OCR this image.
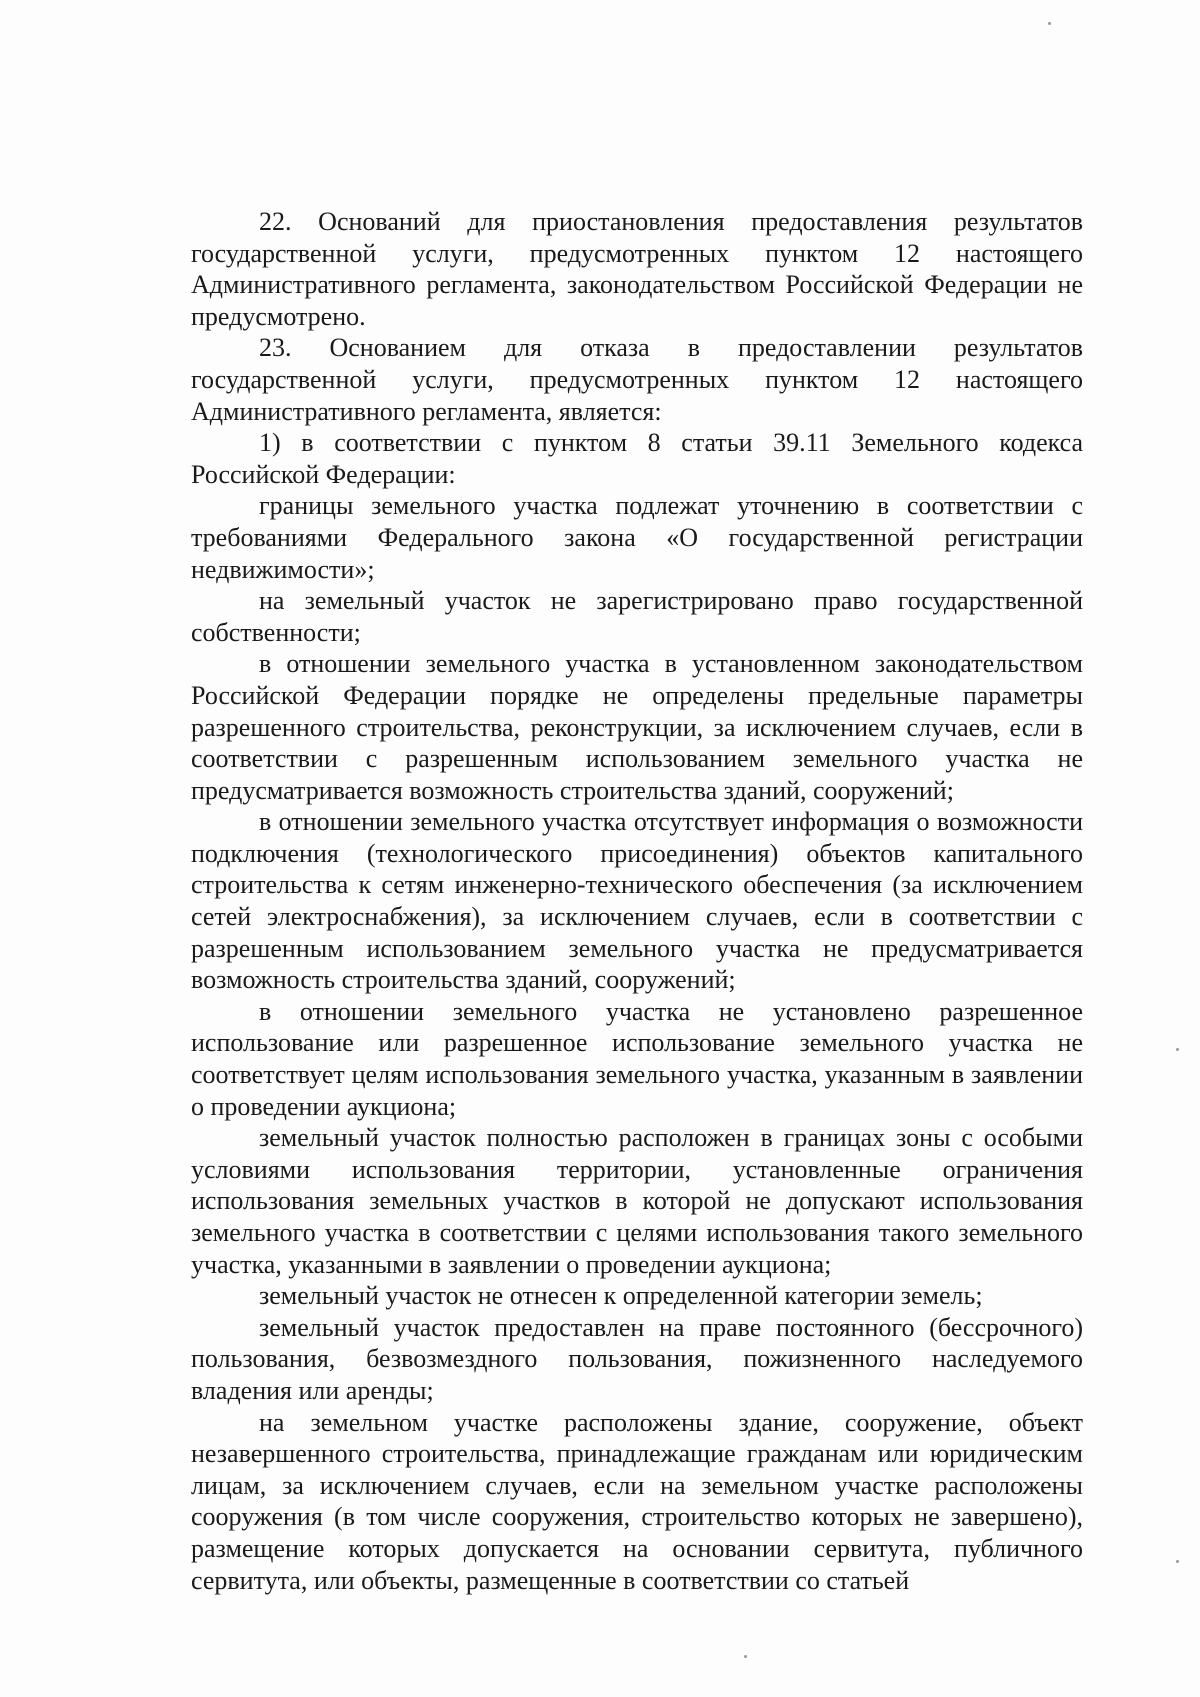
22. Оснований для приостановления предоставления результатов государственной услуги, предусмотренных пунктом 12 настоящего Административного регламента, законодательством Российской Федерации не предусмотрено.

23. Основанием для отказа в предоставлении результатов государственной услуги, предусмотренных пунктом 12 настоящего Административного регламента, является:

1) в соответствии с пунктом 8 статьи 39.11 Земельного кодекса Российской Федерации:

границы земельного участка подлежат уточнению в соответствии с требованиями Федерального закона «О государственной регистрации недвижимости»;

на земельный участок не зарегистрировано право государственной собственности;

в отношении земельного участка в установленном законодательством Российской Федерации порядке не определены предельные параметры разрешенного строительства, реконструкции, за исключением случаев, если в соответствии с разрешенным использованием земельного участка не предусматривается возможность строительства зданий, сооружений;

в отношении земельного участка отсутствует информация о возможности подключения (технологического присоединения) объектов капитального строительства к сетям инженерно-технического обеспечения (за исключением сетей электроснабжения), за исключением случаев, если в соответствии с разрешенным использованием земельного участка не предусматривается возможность строительства зданий, сооружений;

в отношении земельного участка не установлено разрешенное использование или разрешенное использование земельного участка не соответствует целям использования земельного участка, указанным в заявлении о проведении аукциона;

земельный участок полностью расположен в границах зоны с особыми условиями использования территории, установленные ограничения использования земельных участков в которой не допускают использования земельного участка в соответствии с целями использования такого земельного участка, указанными в заявлении о проведении аукциона;

земельный участок не отнесен к определенной категории земель;

земельный участок предоставлен на праве постоянного (бессрочного) пользования, безвозмездного пользования, пожизненного наследуемого владения или аренды;

на земельном участке расположены здание, сооружение, объект незавершенного строительства, принадлежащие гражданам или юридическим лицам, за исключением случаев, если на земельном участке расположены сооружения (в том числе сооружения, строительство которых не завершено), размещение которых допускается на основании сервитута, публичного сервитута, или объекты, размещенные в соответствии со статьей
